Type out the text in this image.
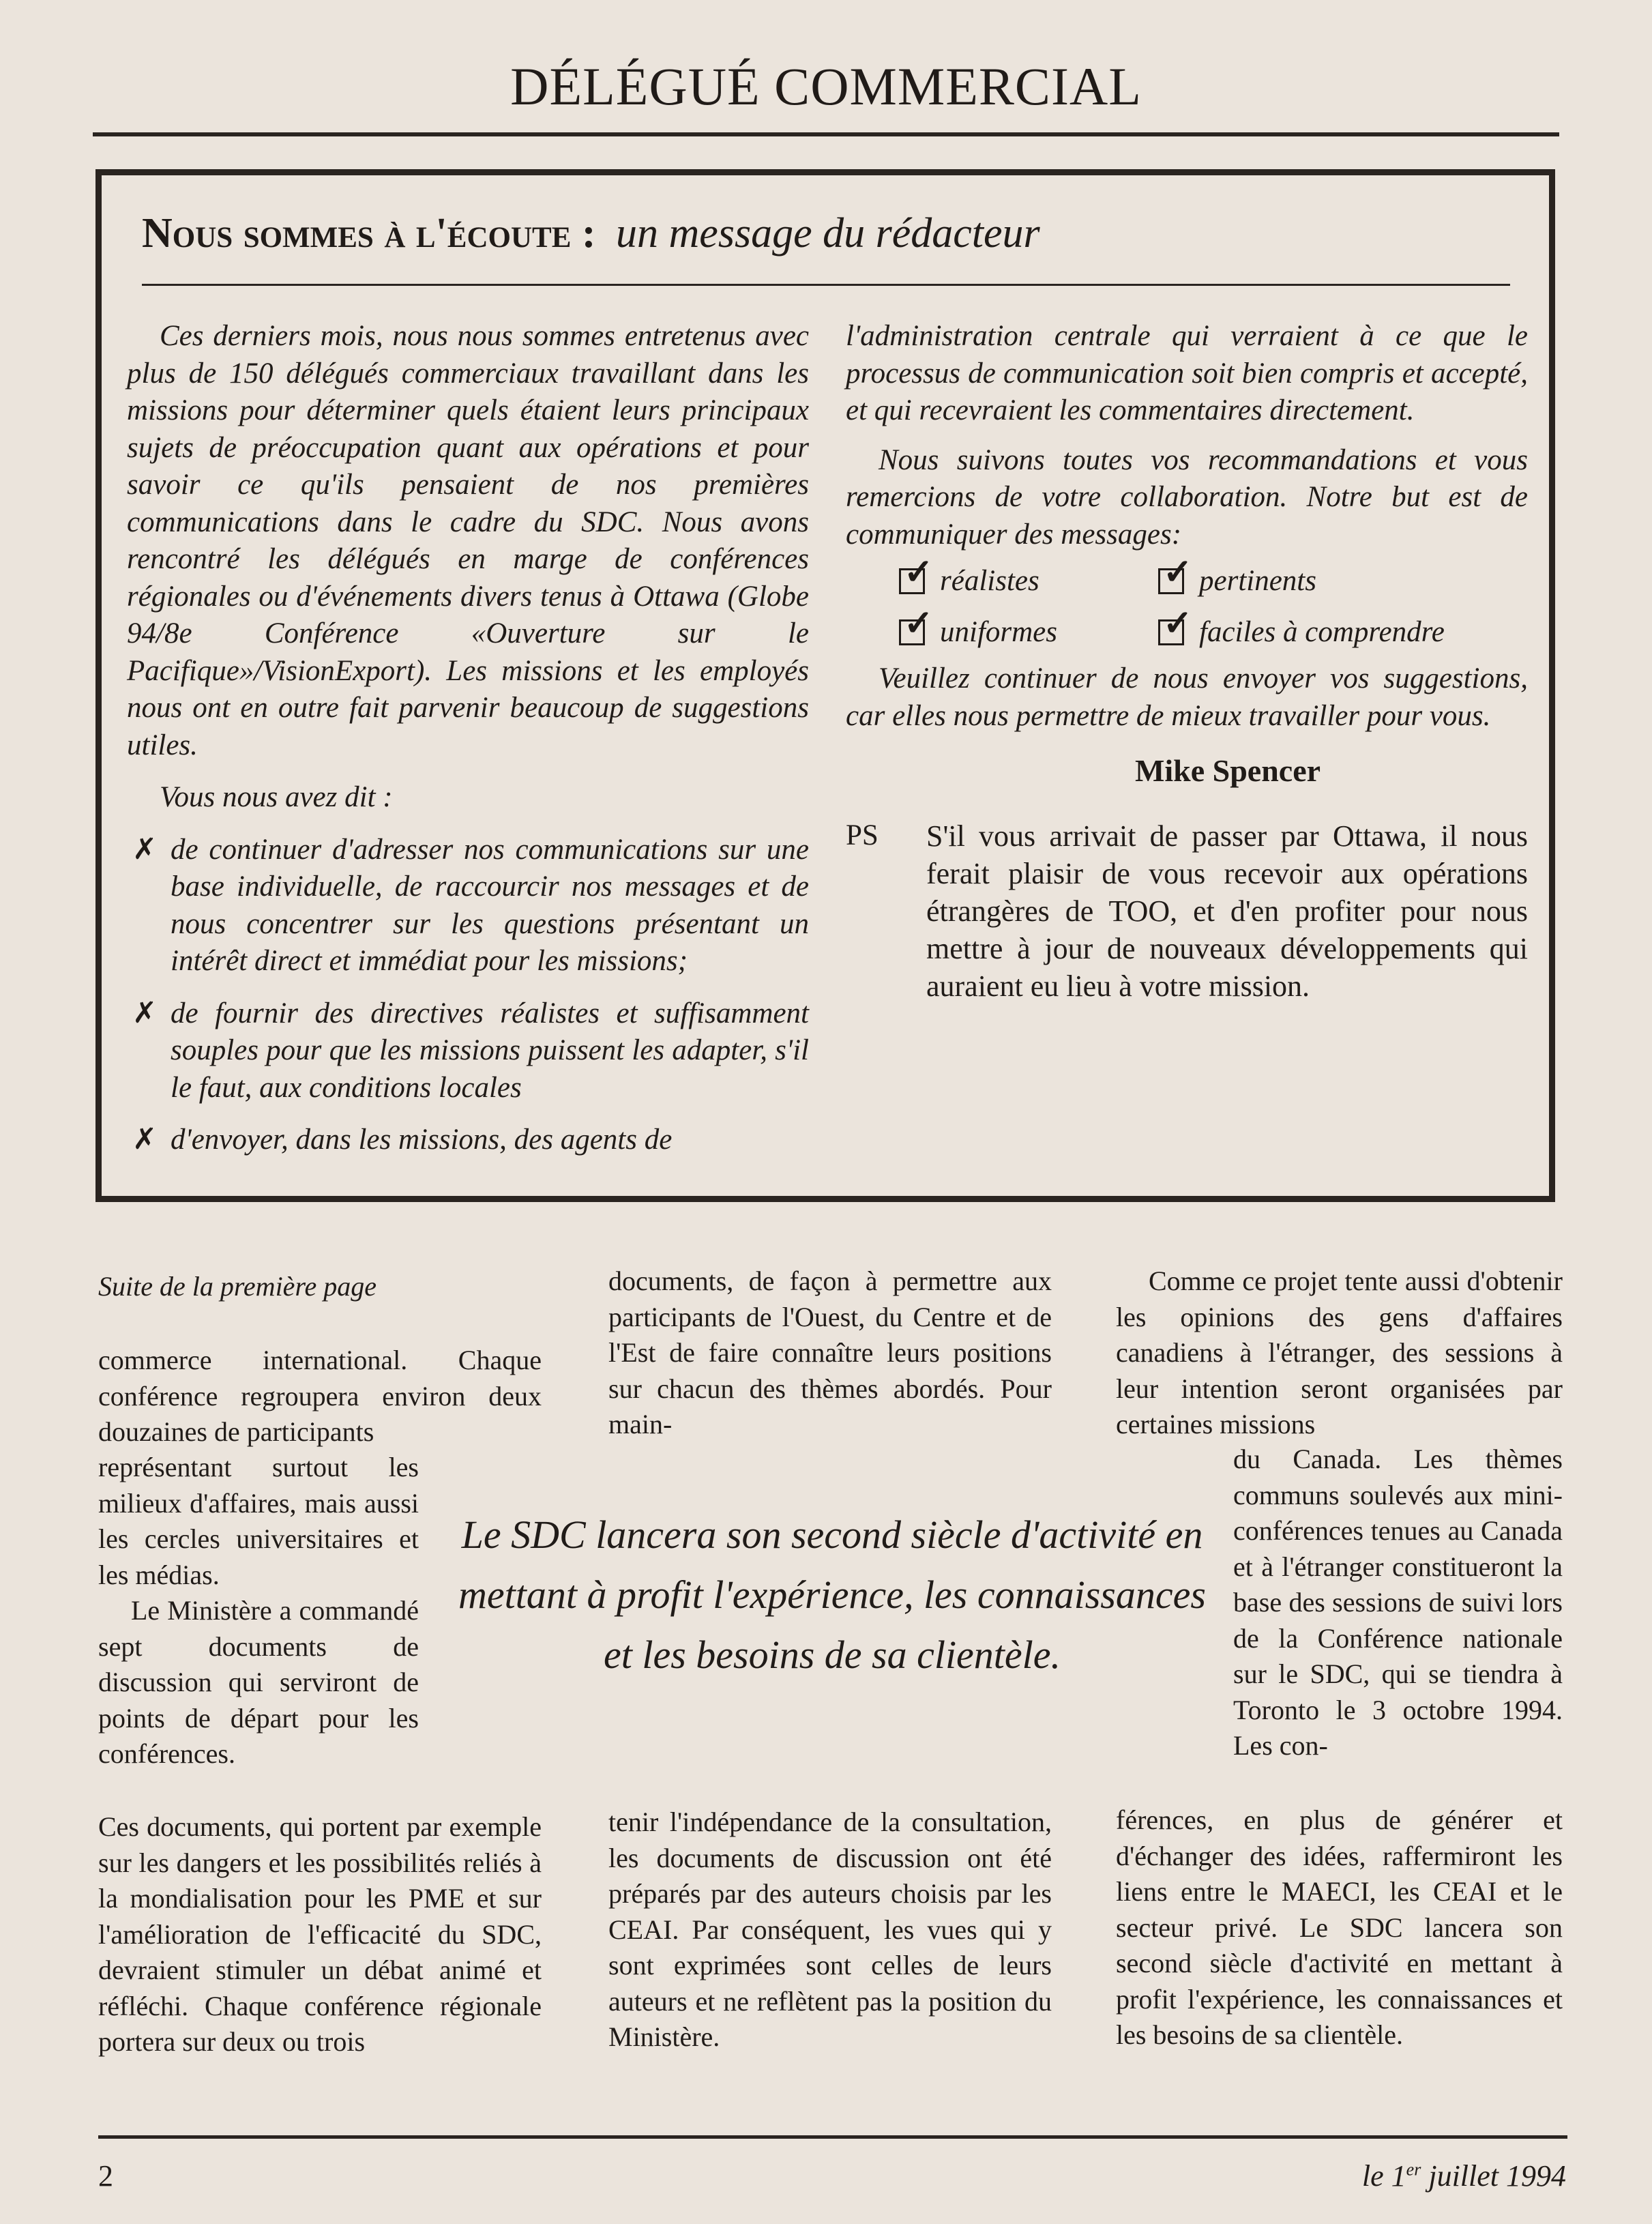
DÉLÉGUÉ COMMERCIAL
Nous sommes à l'écoute : un message du rédacteur

Ces derniers mois, nous nous sommes entretenus avec plus de 150 délégués commerciaux travaillant dans les missions pour déterminer quels étaient leurs principaux sujets de préoccupation quant aux opérations et pour savoir ce qu'ils pensaient de nos premières communications dans le cadre du SDC. Nous avons rencontré les délégués en marge de conférences régionales ou d'événements divers tenus à Ottawa (Globe 94/8e Conférence «Ouverture sur le Pacifique»/VisionExport). Les missions et les employés nous ont en outre fait parvenir beaucoup de suggestions utiles.

Vous nous avez dit :

✗ de continuer d'adresser nos communications sur une base individuelle, de raccourcir nos messages et de nous concentrer sur les questions présentant un intérêt direct et immédiat pour les missions;

✗ de fournir des directives réalistes et suffisamment souples pour que les missions puissent les adapter, s'il le faut, aux conditions locales

✗ d'envoyer, dans les missions, des agents de

l'administration centrale qui verraient à ce que le processus de communication soit bien compris et accepté, et qui recevraient les commentaires directement.

Nous suivons toutes vos recommandations et vous remercions de votre collaboration. Notre but est de communiquer des messages:

✓ réalistes	✓ pertinents
✓ uniformes	✓ faciles à comprendre

Veuillez continuer de nous envoyer vos suggestions, car elles nous permettre de mieux travailler pour vous.

Mike Spencer

PS	S'il vous arrivait de passer par Ottawa, il nous ferait plaisir de vous recevoir aux opérations étrangères de TOO, et d'en profiter pour nous mettre à jour de nouveaux développements qui auraient eu lieu à votre mission.
Suite de la première page

commerce international. Chaque conférence regroupera environ deux douzaines de participants

représentant surtout les milieux d'affaires, mais aussi les cercles universitaires et les médias.

Le Ministère a commandé sept documents de discussion qui serviront de points de départ pour les conférences.

Ces documents, qui portent par exemple sur les dangers et les possibilités reliés à la mondialisation pour les PME et sur l'amélioration de l'efficacité du SDC, devraient stimuler un débat animé et réfléchi. Chaque conférence régionale portera sur deux ou trois

documents, de façon à permettre aux participants de l'Ouest, du Centre et de l'Est de faire connaître leurs positions sur chacun des thèmes abordés. Pour main-

tenir l'indépendance de la consultation, les documents de discussion ont été préparés par des auteurs choisis par les CEAI. Par conséquent, les vues qui y sont exprimées sont celles de leurs auteurs et ne reflètent pas la position du Ministère.

Comme ce projet tente aussi d'obtenir les opinions des gens d'affaires canadiens à l'étranger, des sessions à leur intention seront organisées par certaines missions

du Canada. Les thèmes communs soulevés aux mini-conférences tenues au Canada et à l'étranger constitueront la base des sessions de suivi lors de la Conférence nationale sur le SDC, qui se tiendra à Toronto le 3 octobre 1994. Les con-

férences, en plus de générer et d'échanger des idées, raffermiront les liens entre le MAECI, les CEAI et le secteur privé. Le SDC lancera son second siècle d'activité en mettant à profit l'expérience, les connaissances et les besoins de sa clientèle.

Le SDC lancera son second siècle d'activité en mettant à profit l'expérience, les connaissances et les besoins de sa clientèle.
2	le 1er juillet 1994
